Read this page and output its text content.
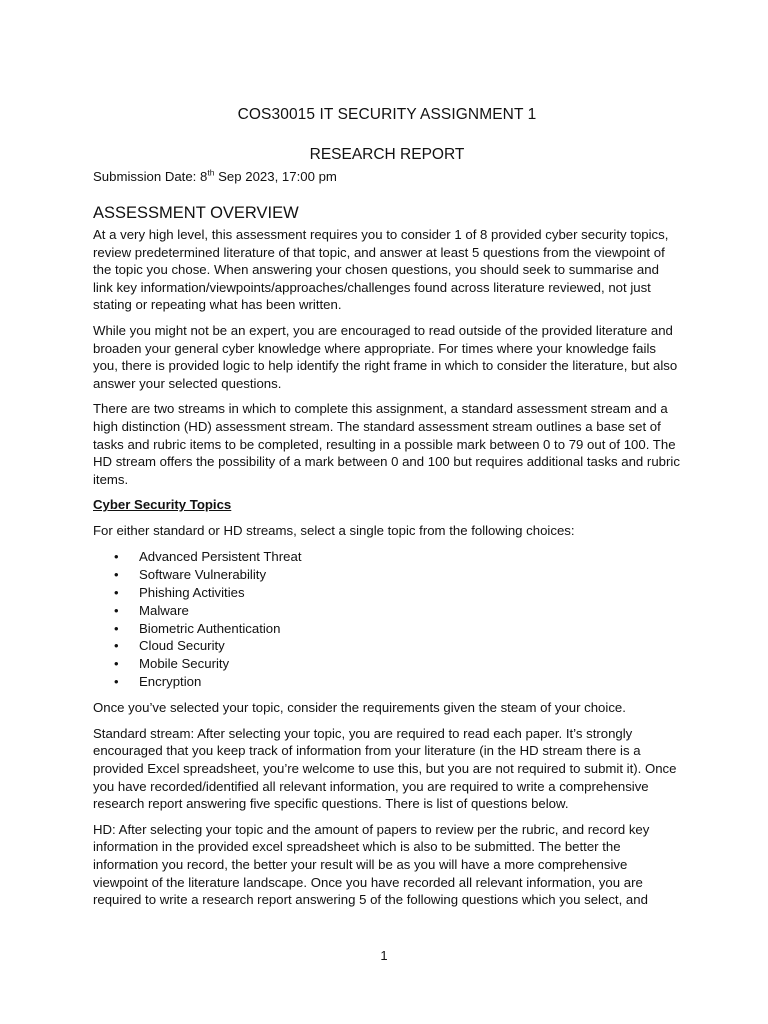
COS30015 IT SECURITY ASSIGNMENT 1
RESEARCH REPORT
Submission Date: 8th Sep 2023, 17:00 pm
ASSESSMENT OVERVIEW

At a very high level, this assessment requires you to consider 1 of 8 provided cyber security topics, review predetermined literature of that topic, and answer at least 5 questions from the viewpoint of the topic you chose. When answering your chosen questions, you should seek to summarise and link key information/viewpoints/approaches/challenges found across literature reviewed, not just stating or repeating what has been written.

While you might not be an expert, you are encouraged to read outside of the provided literature and broaden your general cyber knowledge where appropriate. For times where your knowledge fails you, there is provided logic to help identify the right frame in which to consider the literature, but also answer your selected questions.

There are two streams in which to complete this assignment, a standard assessment stream and a high distinction (HD) assessment stream. The standard assessment stream outlines a base set of tasks and rubric items to be completed, resulting in a possible mark between 0 to 79 out of 100. The HD stream offers the possibility of a mark between 0 and 100 but requires additional tasks and rubric items.

Cyber Security Topics

For either standard or HD streams, select a single topic from the following choices:

• Advanced Persistent Threat
• Software Vulnerability
• Phishing Activities
• Malware
• Biometric Authentication
• Cloud Security
• Mobile Security
• Encryption

Once you’ve selected your topic, consider the requirements given the steam of your choice.

Standard stream: After selecting your topic, you are required to read each paper. It’s strongly encouraged that you keep track of information from your literature (in the HD stream there is a provided Excel spreadsheet, you’re welcome to use this, but you are not required to submit it). Once you have recorded/identified all relevant information, you are required to write a comprehensive research report answering five specific questions. There is list of questions below.

HD: After selecting your topic and the amount of papers to review per the rubric, and record key information in the provided excel spreadsheet which is also to be submitted. The better the information you record, the better your result will be as you will have a more comprehensive viewpoint of the literature landscape. Once you have recorded all relevant information, you are required to write a research report answering 5 of the following questions which you select, and

1
